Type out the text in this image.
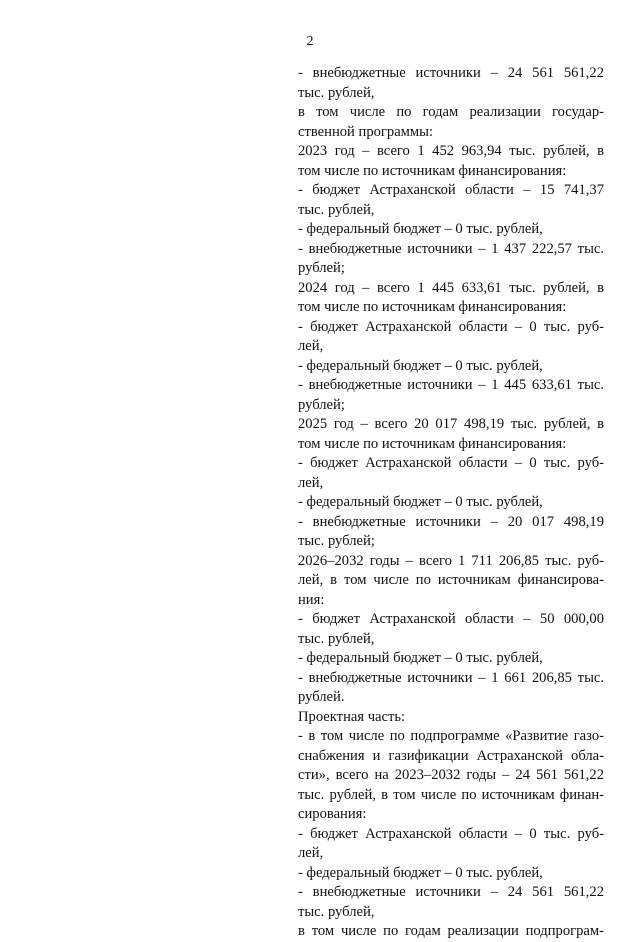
2
- внебюджетные источники – 24 561 561,22
тыс. рублей,
в том числе по годам реализации государ-
ственной программы:
2023 год – всего 1 452 963,94 тыс. рублей, в
том числе по источникам финансирования:
- бюджет Астраханской области – 15 741,37
тыс. рублей,
- федеральный бюджет – 0 тыс. рублей,
- внебюджетные источники – 1 437 222,57 тыс.
рублей;
2024 год – всего 1 445 633,61 тыс. рублей, в
том числе по источникам финансирования:
- бюджет Астраханской области – 0 тыс. руб-
лей,
- федеральный бюджет – 0 тыс. рублей,
- внебюджетные источники – 1 445 633,61 тыс.
рублей;
2025 год – всего 20 017 498,19 тыс. рублей, в
том числе по источникам финансирования:
- бюджет Астраханской области – 0 тыс. руб-
лей,
- федеральный бюджет – 0 тыс. рублей,
- внебюджетные источники – 20 017 498,19
тыс. рублей;
2026–2032 годы – всего 1 711 206,85 тыс. руб-
лей, в том числе по источникам финансирова-
ния:
- бюджет Астраханской области – 50 000,00
тыс. рублей,
- федеральный бюджет – 0 тыс. рублей,
- внебюджетные источники – 1 661 206,85 тыс.
рублей.
Проектная часть:
- в том числе по подпрограмме «Развитие газо-
снабжения и газификации Астраханской обла-
сти», всего на 2023–2032 годы – 24 561 561,22
тыс. рублей, в том числе по источникам финан-
сирования:
- бюджет Астраханской области – 0 тыс. руб-
лей,
- федеральный бюджет – 0 тыс. рублей,
- внебюджетные источники – 24 561 561,22
тыс. рублей,
в том числе по годам реализации подпрограм-
